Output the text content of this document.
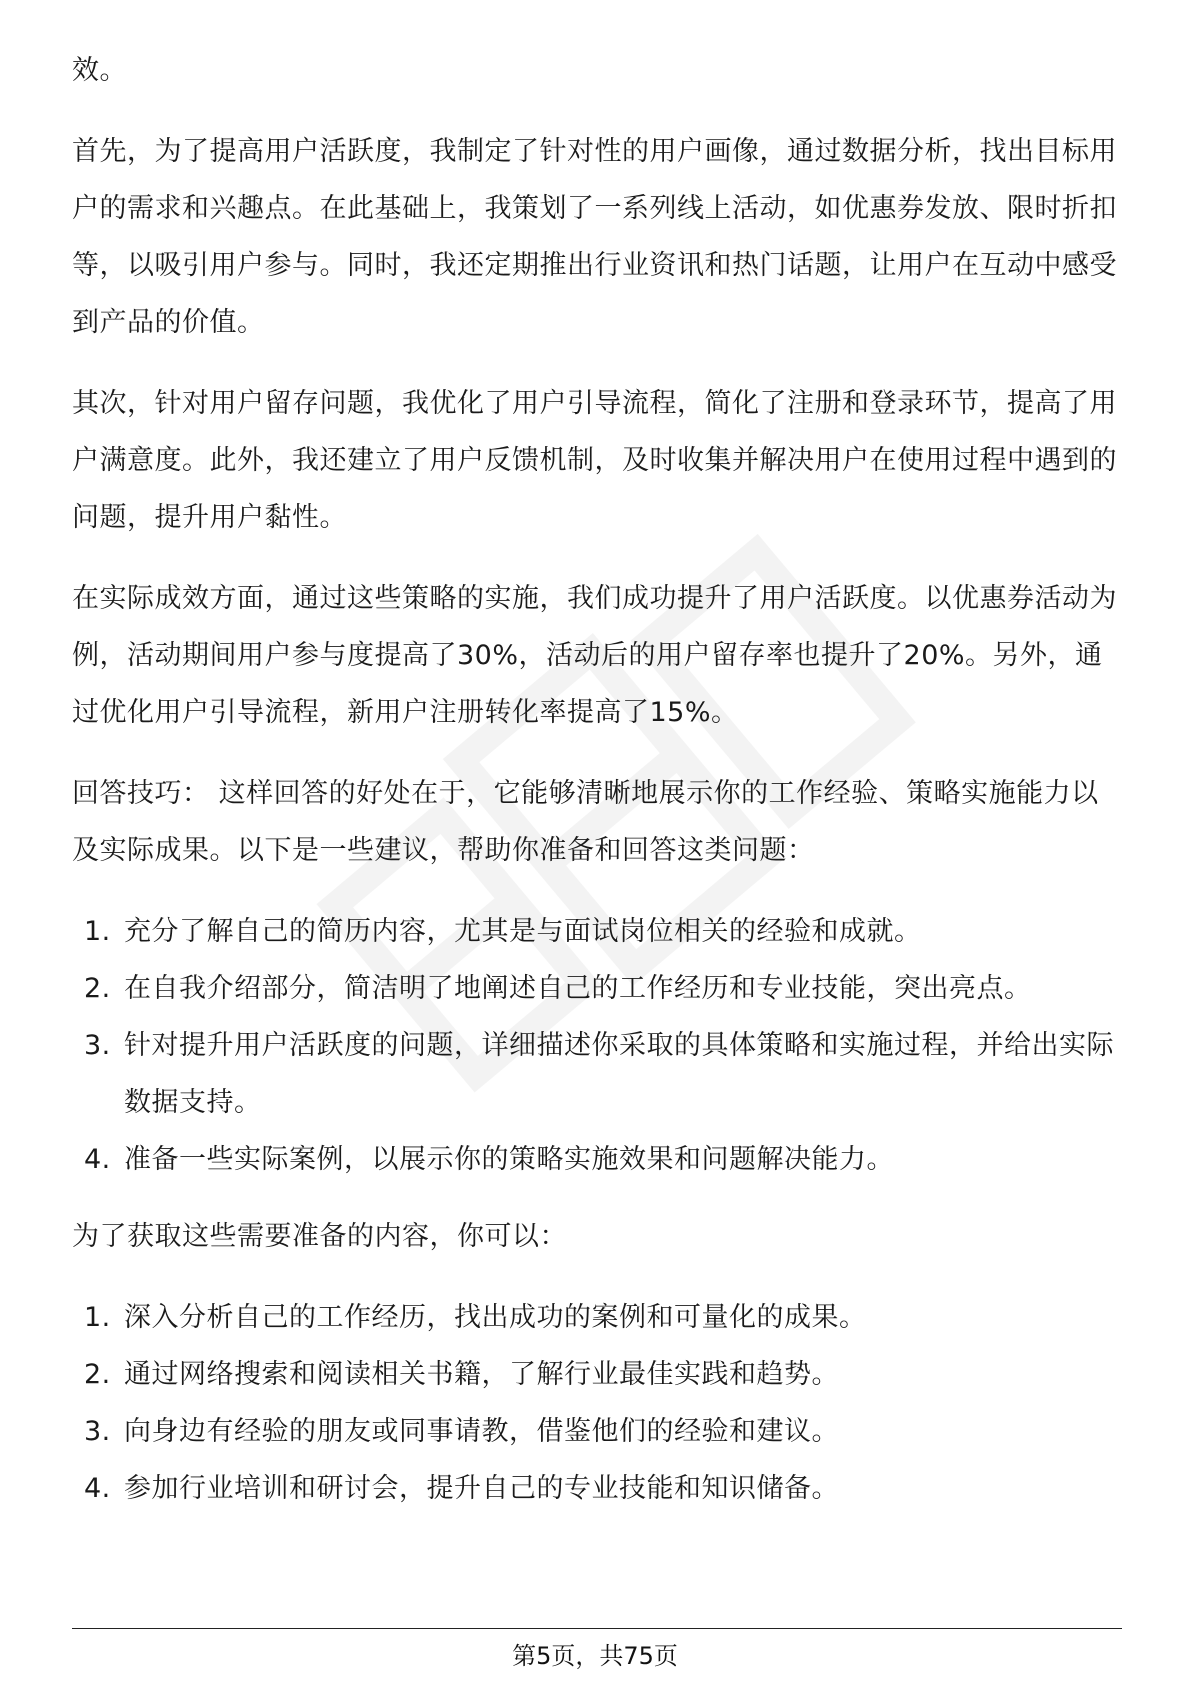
效。

首先，为了提高用户活跃度，我制定了针对性的用户画像，通过数据分析，找出目标用户的需求和兴趣点。在此基础上，我策划了一系列线上活动，如优惠券发放、限时折扣等，以吸引用户参与。同时，我还定期推出行业资讯和热门话题，让用户在互动中感受到产品的价值。

其次，针对用户留存问题，我优化了用户引导流程，简化了注册和登录环节，提高了用户满意度。此外，我还建立了用户反馈机制，及时收集并解决用户在使用过程中遇到的问题，提升用户黏性。

在实际成效方面，通过这些策略的实施，我们成功提升了用户活跃度。以优惠券活动为例，活动期间用户参与度提高了30%，活动后的用户留存率也提升了20%。另外，通过优化用户引导流程，新用户注册转化率提高了15%。

回答技巧： 这样回答的好处在于，它能够清晰地展示你的工作经验、策略实施能力以及实际成果。以下是一些建议，帮助你准备和回答这类问题：

1. 充分了解自己的简历内容，尤其是与面试岗位相关的经验和成就。
2. 在自我介绍部分，简洁明了地阐述自己的工作经历和专业技能，突出亮点。
3. 针对提升用户活跃度的问题，详细描述你采取的具体策略和实施过程，并给出实际数据支持。
4. 准备一些实际案例，以展示你的策略实施效果和问题解决能力。

为了获取这些需要准备的内容，你可以：

1. 深入分析自己的工作经历，找出成功的案例和可量化的成果。
2. 通过网络搜索和阅读相关书籍，了解行业最佳实践和趋势。
3. 向身边有经验的朋友或同事请教，借鉴他们的经验和建议。
4. 参加行业培训和研讨会，提升自己的专业技能和知识储备。
第5页，共75页
